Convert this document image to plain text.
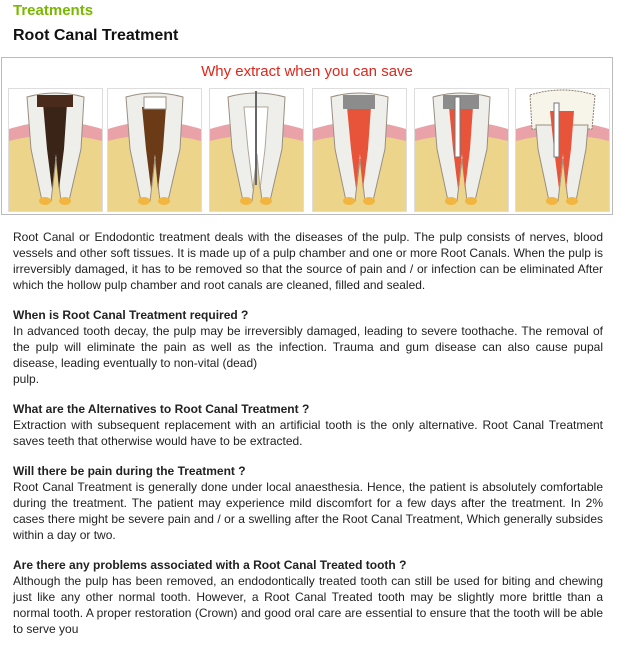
Treatments
Root Canal Treatment
Why extract when you can save

Root Canal or Endodontic treatment deals with the diseases of the pulp. The pulp consists of nerves, blood vessels and other soft tissues. It is made up of a pulp chamber and one or more Root Canals. When the pulp is irreversibly damaged, it has to be removed so that the source of pain and / or infection can be eliminated After which the hollow pulp chamber and root canals are cleaned, filled and sealed.

When is Root Canal Treatment required ?

In advanced tooth decay, the pulp may be irreversibly damaged, leading to severe toothache. The removal of the pulp will eliminate the pain as well as the infection. Trauma and gum disease can also cause pupal disease, leading eventually to non-vital (dead)

pulp.

What are the Alternatives to Root Canal Treatment ?

Extraction with subsequent replacement with an artificial tooth is the only alternative. Root Canal Treatment saves teeth that otherwise would have to be extracted.

Will there be pain during the Treatment ?

Root Canal Treatment is generally done under local anaesthesia. Hence, the patient is absolutely comfortable during the treatment. The patient may experience mild discomfort for a few days after the treatment. In 2% cases there might be severe pain and / or a swelling after the Root Canal Treatment, Which generally subsides within a day or two.

Are there any problems associated with a Root Canal Treated tooth ?

Although the pulp has been removed, an endodontically treated tooth can still be used for biting and chewing just like any other normal tooth. However, a Root Canal Treated tooth may be slightly more brittle than a normal tooth. A proper restoration (Crown) and good oral care are essential to ensure that the tooth will be able to serve you
